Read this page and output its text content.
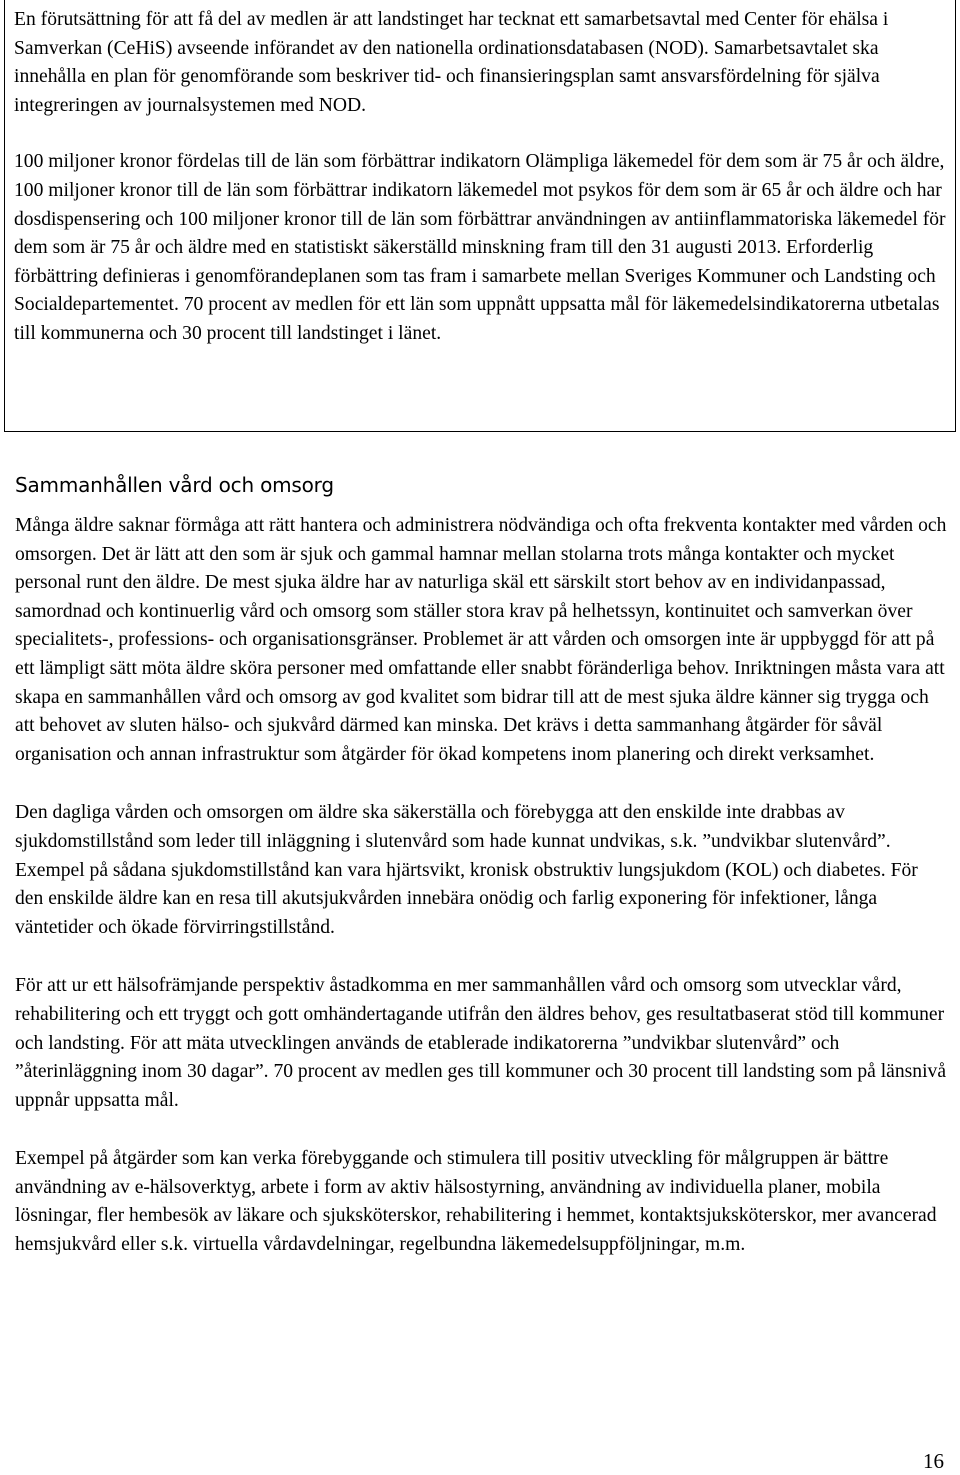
En förutsättning för att få del av medlen är att landstinget har tecknat ett samarbetsavtal med Center för ehälsa i Samverkan (CeHiS) avseende införandet av den nationella ordinationsdatabasen (NOD). Samarbetsavtalet ska innehålla en plan för genomförande som beskriver tid- och finansieringsplan samt ansvarsfördelning för själva integreringen av journalsystemen med NOD.

100 miljoner kronor fördelas till de län som förbättrar indikatorn Olämpliga läkemedel för dem som är 75 år och äldre, 100 miljoner kronor till de län som förbättrar indikatorn läkemedel mot psykos för dem som är 65 år och äldre och har dosdispensering och 100 miljoner kronor till de län som förbättrar användningen av antiinflammatoriska läkemedel för dem som är 75 år och äldre med en statistiskt säkerställd minskning fram till den 31 augusti 2013. Erforderlig förbättring definieras i genomförandeplanen som tas fram i samarbete mellan Sveriges Kommuner och Landsting och Socialdepartementet. 70 procent av medlen för ett län som uppnått uppsatta mål för läkemedelsindikatorerna utbetalas till kommunerna och 30 procent till landstinget i länet.

Sammanhållen vård och omsorg

Många äldre saknar förmåga att rätt hantera och administrera nödvändiga och ofta frekventa kontakter med vården och omsorgen. Det är lätt att den som är sjuk och gammal hamnar mellan stolarna trots många kontakter och mycket personal runt den äldre. De mest sjuka äldre har av naturliga skäl ett särskilt stort behov av en individanpassad, samordnad och kontinuerlig vård och omsorg som ställer stora krav på helhetssyn, kontinuitet och samverkan över specialitets-, professions- och organisationsgränser. Problemet är att vården och omsorgen inte är uppbyggd för att på ett lämpligt sätt möta äldre sköra personer med omfattande eller snabbt föränderliga behov. Inriktningen måsta vara att skapa en sammanhållen vård och omsorg av god kvalitet som bidrar till att de mest sjuka äldre känner sig trygga och att behovet av sluten hälso- och sjukvård därmed kan minska. Det krävs i detta sammanhang åtgärder för såväl organisation och annan infrastruktur som åtgärder för ökad kompetens inom planering och direkt verksamhet.

Den dagliga vården och omsorgen om äldre ska säkerställa och förebygga att den enskilde inte drabbas av sjukdomstillstånd som leder till inläggning i slutenvård som hade kunnat undvikas, s.k. ”undvikbar slutenvård”. Exempel på sådana sjukdomstillstånd kan vara hjärtsvikt, kronisk obstruktiv lungsjukdom (KOL) och diabetes. För den enskilde äldre kan en resa till akutsjukvården innebära onödig och farlig exponering för infektioner, långa väntetider och ökade förvirringstillstånd.

För att ur ett hälsofrämjande perspektiv åstadkomma en mer sammanhållen vård och omsorg som utvecklar vård, rehabilitering och ett tryggt och gott omhändertagande utifrån den äldres behov, ges resultatbaserat stöd till kommuner och landsting. För att mäta utvecklingen används de etablerade indikatorerna ”undvikbar slutenvård” och ”återinläggning inom 30 dagar”. 70 procent av medlen ges till kommuner och 30 procent till landsting som på länsnivå uppnår uppsatta mål.

Exempel på åtgärder som kan verka förebyggande och stimulera till positiv utveckling för målgruppen är bättre användning av e-hälsoverktyg, arbete i form av aktiv hälsostyrning, användning av individuella planer, mobila lösningar, fler hembesök av läkare och sjuksköterskor, rehabilitering i hemmet, kontaktsjuksköterskor, mer avancerad hemsjukvård eller s.k. virtuella vårdavdelningar, regelbundna läkemedelsuppföljningar, m.m.

16
